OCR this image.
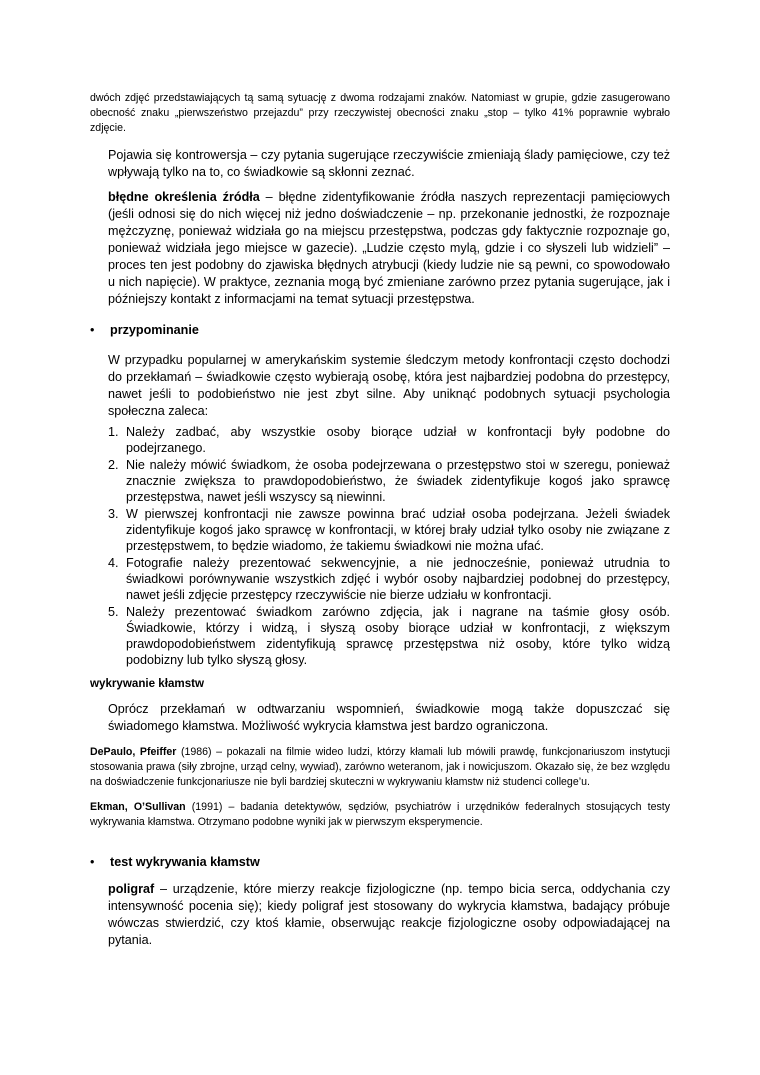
dwóch zdjęć przedstawiających tą samą sytuację z dwoma rodzajami znaków. Natomiast w grupie, gdzie zasugerowano obecność znaku „pierwszeństwo przejazdu” przy rzeczywistej obecności znaku „stop – tylko 41% poprawnie wybrało zdjęcie.

Pojawia się kontrowersja – czy pytania sugerujące rzeczywiście zmieniają ślady pamięciowe, czy też wpływają tylko na to, co świadkowie są skłonni zeznać.

błędne określenia źródła – błędne zidentyfikowanie źródła naszych reprezentacji pamięciowych (jeśli odnosi się do nich więcej niż jedno doświadczenie – np. przekonanie jednostki, że rozpoznaje mężczyznę, ponieważ widziała go na miejscu przestępstwa, podczas gdy faktycznie rozpoznaje go, ponieważ widziała jego miejsce w gazecie). „Ludzie często mylą, gdzie i co słyszeli lub widzieli” – proces ten jest podobny do zjawiska błędnych atrybucji (kiedy ludzie nie są pewni, co spowodowało u nich napięcie). W praktyce, zeznania mogą być zmieniane zarówno przez pytania sugerujące, jak i późniejszy kontakt z informacjami na temat sytuacji przestępstwa.

• przypominanie

W przypadku popularnej w amerykańskim systemie śledczym metody konfrontacji często dochodzi do przekłamań – świadkowie często wybierają osobę, która jest najbardziej podobna do przestępcy, nawet jeśli to podobieństwo nie jest zbyt silne. Aby uniknąć podobnych sytuacji psychologia społeczna zaleca:

1. Należy zadbać, aby wszystkie osoby biorące udział w konfrontacji były podobne do podejrzanego.
2. Nie należy mówić świadkom, że osoba podejrzewana o przestępstwo stoi w szeregu, ponieważ znacznie zwiększa to prawdopodobieństwo, że świadek zidentyfikuje kogoś jako sprawcę przestępstwa, nawet jeśli wszyscy są niewinni.
3. W pierwszej konfrontacji nie zawsze powinna brać udział osoba podejrzana. Jeżeli świadek zidentyfikuje kogoś jako sprawcę w konfrontacji, w której brały udział tylko osoby nie związane z przestępstwem, to będzie wiadomo, że takiemu świadkowi nie można ufać.
4. Fotografie należy prezentować sekwencyjnie, a nie jednocześnie, ponieważ utrudnia to świadkowi porównywanie wszystkich zdjęć i wybór osoby najbardziej podobnej do przestępcy, nawet jeśli zdjęcie przestępcy rzeczywiście nie bierze udziału w konfrontacji.
5. Należy prezentować świadkom zarówno zdjęcia, jak i nagrane na taśmie głosy osób. Świadkowie, którzy i widzą, i słyszą osoby biorące udział w konfrontacji, z większym prawdopodobieństwem zidentyfikują sprawcę przestępstwa niż osoby, które tylko widzą podobizny lub tylko słyszą głosy.
wykrywanie kłamstw

Oprócz przekłamań w odtwarzaniu wspomnień, świadkowie mogą także dopuszczać się świadomego kłamstwa. Możliwość wykrycia kłamstwa jest bardzo ograniczona.

DePaulo, Pfeiffer (1986) – pokazali na filmie wideo ludzi, którzy kłamali lub mówili prawdę, funkcjonariuszom instytucji stosowania prawa (siły zbrojne, urząd celny, wywiad), zarówno weteranom, jak i nowicjuszom. Okazało się, że bez względu na doświadczenie funkcjonariusze nie byli bardziej skuteczni w wykrywaniu kłamstw niż studenci college’u.

Ekman, O’Sullivan (1991) – badania detektywów, sędziów, psychiatrów i urzędników federalnych stosujących testy wykrywania kłamstwa. Otrzymano podobne wyniki jak w pierwszym eksperymencie.

• test wykrywania kłamstw

poligraf – urządzenie, które mierzy reakcje fizjologiczne (np. tempo bicia serca, oddychania czy intensywność pocenia się); kiedy poligraf jest stosowany do wykrycia kłamstwa, badający próbuje wówczas stwierdzić, czy ktoś kłamie, obserwując reakcje fizjologiczne osoby odpowiadającej na pytania.
